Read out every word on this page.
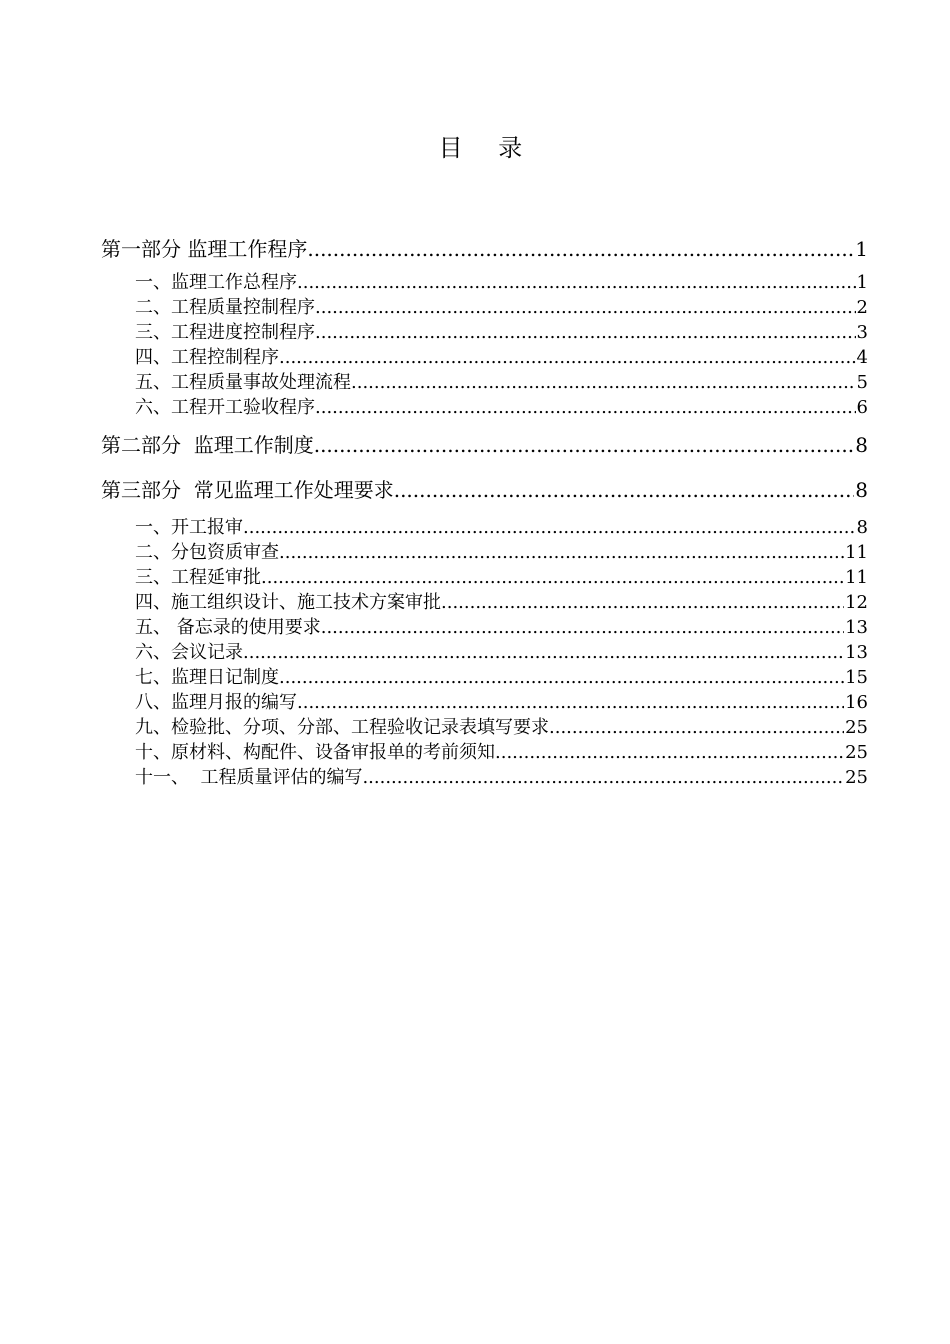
目 录
第一部分 监理工作程序 .....	1
一、监理工作总程序 .....	1
二、工程质量控制程序 .....	2
三、工程进度控制程序 .....	3
四、工程控制程序 .....	4
五、工程质量事故处理流程 .....	5
六、工程开工验收程序 .....	6
第二部分  监理工作制度 .....	8
第三部分  常见监理工作处理要求 .....	8
一、开工报审 .....	8
二、分包资质审查 .....	11
三、工程延审批 .....	11
四、施工组织设计、施工技术方案审批 .....	12
五、 备忘录的使用要求 .....	13
六、会议记录 .....	13
七、监理日记制度 .....	15
八、监理月报的编写 .....	16
九、检验批、分项、分部、工程验收记录表填写要求 .....	25
十、原材料、构配件、设备审报单的考前须知 .....	25
十一、  工程质量评估的编写 .....	25
